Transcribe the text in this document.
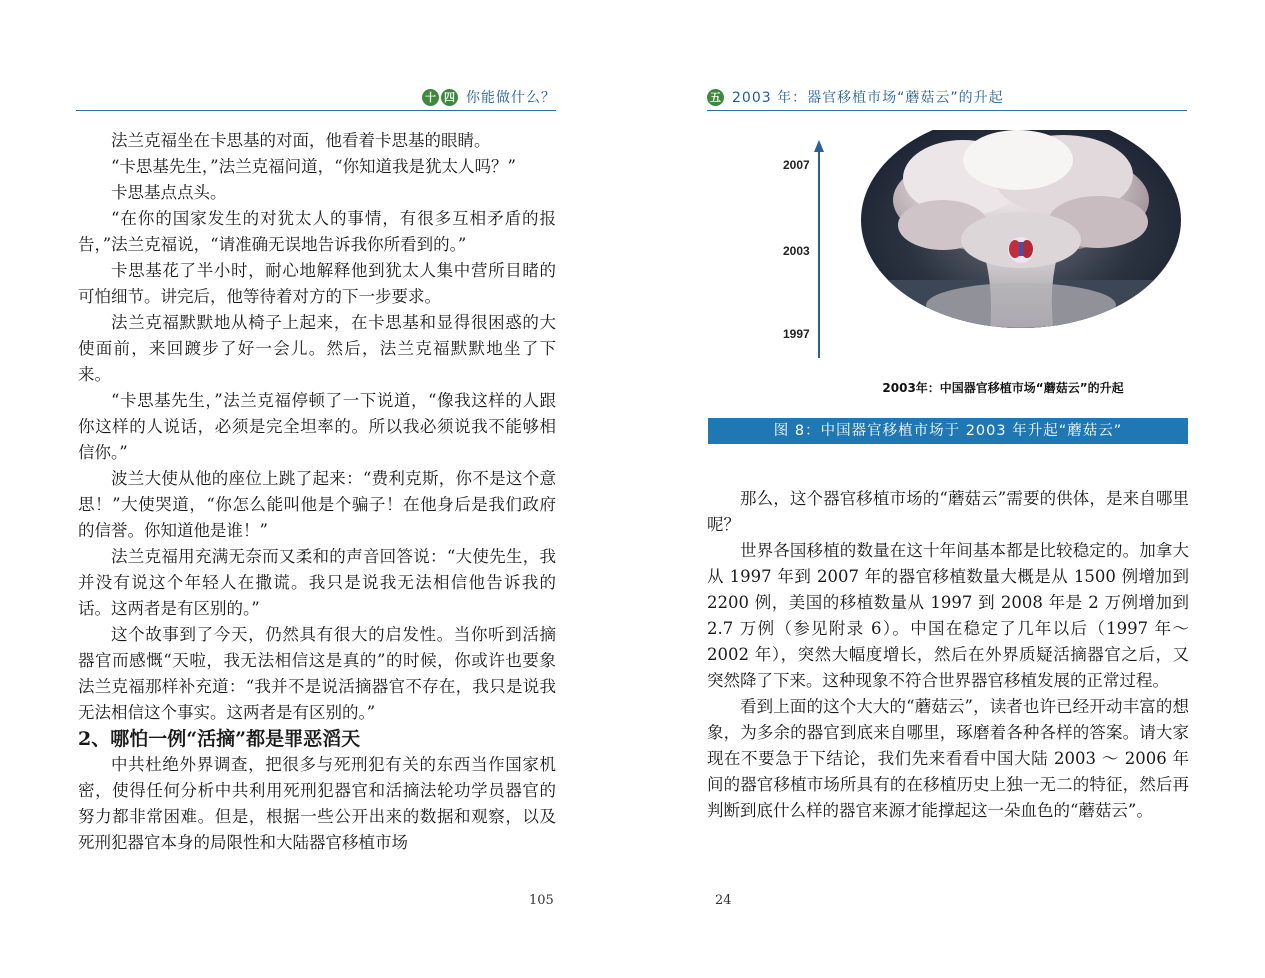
十 四 你能做什么？

法兰克福坐在卡思基的对面，他看着卡思基的眼睛。

“卡思基先生，”法兰克福问道，“你知道我是犹太人吗？”

卡思基点点头。

“在你的国家发生的对犹太人的事情，有很多互相矛盾的报告，”法兰克福说，“请准确无误地告诉我你所看到的。”

卡思基花了半小时，耐心地解释他到犹太人集中营所目睹的可怕细节。讲完后，他等待着对方的下一步要求。

法兰克福默默地从椅子上起来，在卡思基和显得很困惑的大使面前，来回踱步了好一会儿。然后，法兰克福默默地坐了下来。

“卡思基先生，”法兰克福停顿了一下说道，“像我这样的人跟你这样的人说话，必须是完全坦率的。所以我必须说我不能够相信你。”

波兰大使从他的座位上跳了起来：“费利克斯，你不是这个意思！”大使哭道，“你怎么能叫他是个骗子！在他身后是我们政府的信誉。你知道他是谁！”

法兰克福用充满无奈而又柔和的声音回答说：“大使先生，我并没有说这个年轻人在撒谎。我只是说我无法相信他告诉我的话。这两者是有区别的。”

这个故事到了今天，仍然具有很大的启发性。当你听到活摘器官而感慨“天啦，我无法相信这是真的”的时候，你或许也要象法兰克福那样补充道：“我并不是说活摘器官不存在，我只是说我无法相信这个事实。这两者是有区别的。”

2、哪怕一例“活摘”都是罪恶滔天

中共杜绝外界调查，把很多与死刑犯有关的东西当作国家机密，使得任何分析中共利用死刑犯器官和活摘法轮功学员器官的努力都非常困难。但是，根据一些公开出来的数据和观察，以及死刑犯器官本身的局限性和大陆器官移植市场

105
五 2003 年：器官移植市场“蘑菇云”的升起
2007
2003
1997
2003年：中国器官移植市场“蘑菇云”的升起
图 8：中国器官移植市场于 2003 年升起“蘑菇云”

那么，这个器官移植市场的“蘑菇云”需要的供体，是来自哪里呢？

世界各国移植的数量在这十年间基本都是比较稳定的。加拿大从 1997 年到 2007 年的器官移植数量大概是从 1500 例增加到 2200 例，美国的移植数量从 1997 到 2008 年是 2 万例增加到 2.7 万例（参见附录 6）。中国在稳定了几年以后（1997 年～ 2002 年），突然大幅度增长，然后在外界质疑活摘器官之后，又突然降了下来。这种现象不符合世界器官移植发展的正常过程。

看到上面的这个大大的“蘑菇云”，读者也许已经开动丰富的想象，为多余的器官到底来自哪里，琢磨着各种各样的答案。请大家现在不要急于下结论，我们先来看看中国大陆 2003 ～ 2006 年间的器官移植市场所具有的在移植历史上独一无二的特征，然后再判断到底什么样的器官来源才能撑起这一朵血色的“蘑菇云”。

24
